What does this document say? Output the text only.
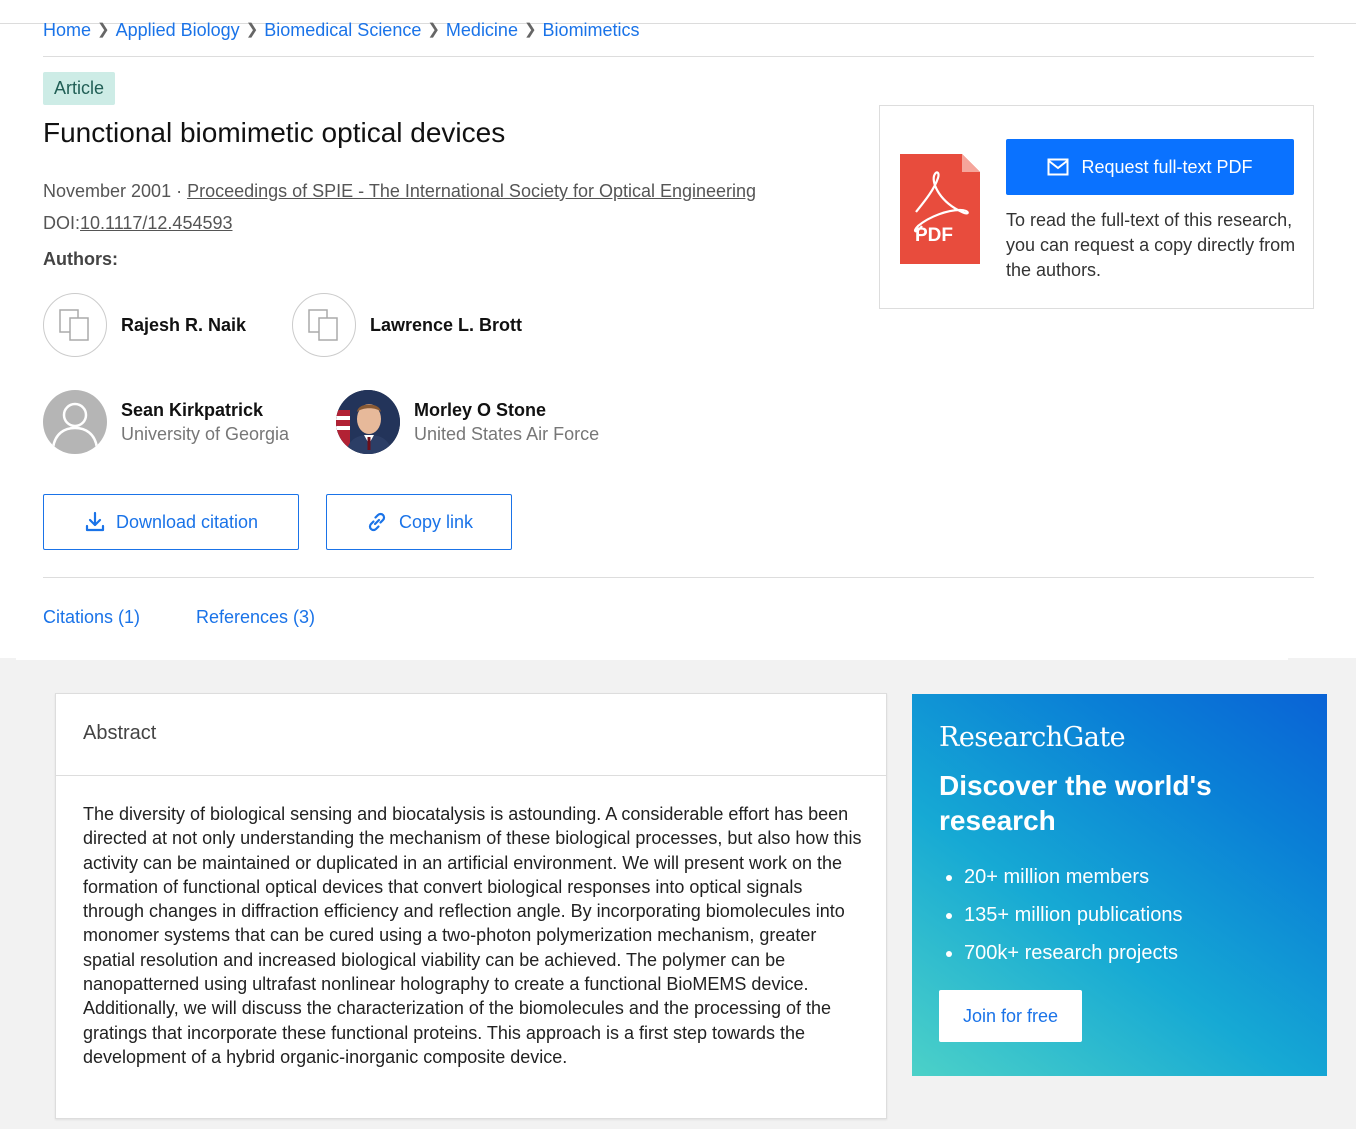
Home ❯ Applied Biology ❯ Biomedical Science ❯ Medicine ❯ Biomimetics
Article
Functional biomimetic optical devices
November 2001 · Proceedings of SPIE - The International Society for Optical Engineering
DOI:10.1117/12.454593
Authors:
Rajesh R. Naik	Lawrence L. Brott
Sean Kirkpatrick
University of Georgia
Morley O Stone
United States Air Force
Download citation	Copy link
Citations (1)	References (3)
PDF
Request full-text PDF
To read the full-text of this research, you can request a copy directly from the authors.
Abstract

The diversity of biological sensing and biocatalysis is astounding. A considerable effort has been directed at not only understanding the mechanism of these biological processes, but also how this activity can be maintained or duplicated in an artificial environment. We will present work on the formation of functional optical devices that convert biological responses into optical signals through changes in diffraction efficiency and reflection angle. By incorporating biomolecules into monomer systems that can be cured using a two-photon polymerization mechanism, greater spatial resolution and increased biological viability can be achieved. The polymer can be nanopatterned using ultrafast nonlinear holography to create a functional BioMEMS device. Additionally, we will discuss the characterization of the biomolecules and the processing of the gratings that incorporate these functional proteins. This approach is a first step towards the development of a hybrid organic-inorganic composite device.

ResearchGate
Discover the world's research
20+ million members
135+ million publications
700k+ research projects
Join for free
